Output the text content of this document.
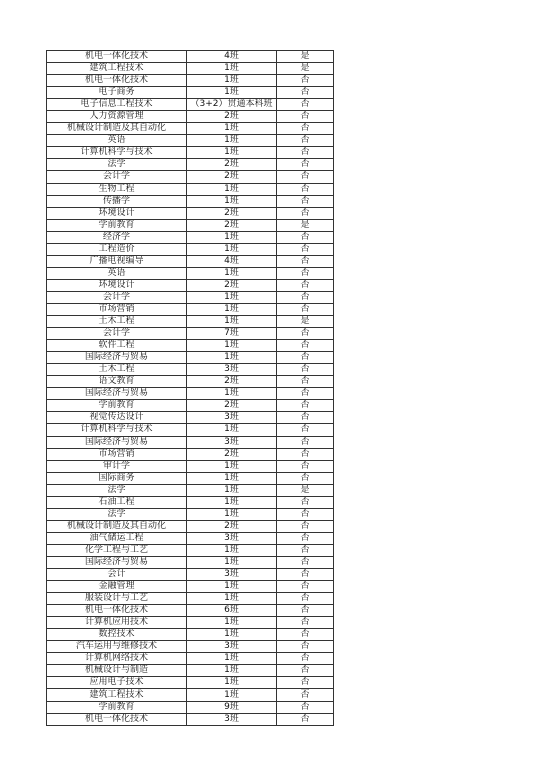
机电一体化技术	4班	是
建筑工程技术	1班	是
机电一体化技术	1班	否
电子商务	1班	否
电子信息工程技术	（3+2）贯通本科班	否
人力资源管理	2班	否
机械设计制造及其自动化	1班	否
英语	1班	否
计算机科学与技术	1班	否
法学	2班	否
会计学	2班	否
生物工程	1班	否
传播学	1班	否
环境设计	2班	否
学前教育	2班	是
经济学	1班	否
工程造价	1班	否
广播电视编导	4班	否
英语	1班	否
环境设计	2班	否
会计学	1班	否
市场营销	1班	否
土木工程	1班	是
会计学	7班	否
软件工程	1班	否
国际经济与贸易	1班	否
土木工程	3班	否
语文教育	2班	否
国际经济与贸易	1班	否
学前教育	2班	否
视觉传达设计	3班	否
计算机科学与技术	1班	否
国际经济与贸易	3班	否
市场营销	2班	否
审计学	1班	否
国际商务	1班	否
法学	1班	是
石油工程	1班	否
法学	1班	否
机械设计制造及其自动化	2班	否
油气储运工程	3班	否
化学工程与工艺	1班	否
国际经济与贸易	1班	否
会计	3班	否
金融管理	1班	否
服装设计与工艺	1班	否
机电一体化技术	6班	否
计算机应用技术	1班	否
数控技术	1班	否
汽车运用与维修技术	3班	否
计算机网络技术	1班	否
机械设计与制造	1班	否
应用电子技术	1班	否
建筑工程技术	1班	否
学前教育	9班	否
机电一体化技术	3班	否
